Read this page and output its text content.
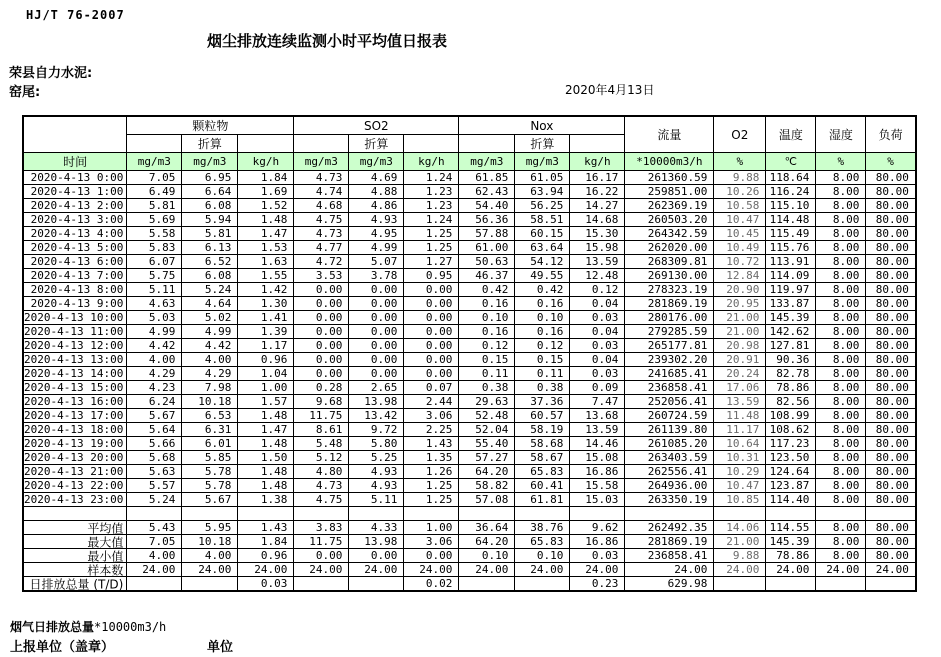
HJ/T 76-2007
烟尘排放连续监测小时平均值日报表
荣县自力水泥:
窑尾:	2020年4月13日
	颗粒物			SO2			Nox			流量	O2	温度	湿度	负荷
		折算			折算			折算						
时间	mg/m3	mg/m3	kg/h	mg/m3	mg/m3	kg/h	mg/m3	mg/m3	kg/h	*10000m3/h	%	℃	%	%
2020-4-13 0:00	7.05	6.95	1.84	4.73	4.69	1.24	61.85	61.05	16.17	261360.59	9.88	118.64	8.00	80.00
2020-4-13 1:00	6.49	6.64	1.69	4.74	4.88	1.23	62.43	63.94	16.22	259851.00	10.26	116.24	8.00	80.00
2020-4-13 2:00	5.81	6.08	1.52	4.68	4.86	1.23	54.40	56.25	14.27	262369.19	10.58	115.10	8.00	80.00
2020-4-13 3:00	5.69	5.94	1.48	4.75	4.93	1.24	56.36	58.51	14.68	260503.20	10.47	114.48	8.00	80.00
2020-4-13 4:00	5.58	5.81	1.47	4.73	4.95	1.25	57.88	60.15	15.30	264342.59	10.45	115.49	8.00	80.00
2020-4-13 5:00	5.83	6.13	1.53	4.77	4.99	1.25	61.00	63.64	15.98	262020.00	10.49	115.76	8.00	80.00
2020-4-13 6:00	6.07	6.52	1.63	4.72	5.07	1.27	50.63	54.12	13.59	268309.81	10.72	113.91	8.00	80.00
2020-4-13 7:00	5.75	6.08	1.55	3.53	3.78	0.95	46.37	49.55	12.48	269130.00	12.84	114.09	8.00	80.00
2020-4-13 8:00	5.11	5.24	1.42	0.00	0.00	0.00	0.42	0.42	0.12	278323.19	20.90	119.97	8.00	80.00
2020-4-13 9:00	4.63	4.64	1.30	0.00	0.00	0.00	0.16	0.16	0.04	281869.19	20.95	133.87	8.00	80.00
2020-4-13 10:00	5.03	5.02	1.41	0.00	0.00	0.00	0.10	0.10	0.03	280176.00	21.00	145.39	8.00	80.00
2020-4-13 11:00	4.99	4.99	1.39	0.00	0.00	0.00	0.16	0.16	0.04	279285.59	21.00	142.62	8.00	80.00
2020-4-13 12:00	4.42	4.42	1.17	0.00	0.00	0.00	0.12	0.12	0.03	265177.81	20.98	127.81	8.00	80.00
2020-4-13 13:00	4.00	4.00	0.96	0.00	0.00	0.00	0.15	0.15	0.04	239302.20	20.91	90.36	8.00	80.00
2020-4-13 14:00	4.29	4.29	1.04	0.00	0.00	0.00	0.11	0.11	0.03	241685.41	20.24	82.78	8.00	80.00
2020-4-13 15:00	4.23	7.98	1.00	0.28	2.65	0.07	0.38	0.38	0.09	236858.41	17.06	78.86	8.00	80.00
2020-4-13 16:00	6.24	10.18	1.57	9.68	13.98	2.44	29.63	37.36	7.47	252056.41	13.59	82.56	8.00	80.00
2020-4-13 17:00	5.67	6.53	1.48	11.75	13.42	3.06	52.48	60.57	13.68	260724.59	11.48	108.99	8.00	80.00
2020-4-13 18:00	5.64	6.31	1.47	8.61	9.72	2.25	52.04	58.19	13.59	261139.80	11.17	108.62	8.00	80.00
2020-4-13 19:00	5.66	6.01	1.48	5.48	5.80	1.43	55.40	58.68	14.46	261085.20	10.64	117.23	8.00	80.00
2020-4-13 20:00	5.68	5.85	1.50	5.12	5.25	1.35	57.27	58.67	15.08	263403.59	10.31	123.50	8.00	80.00
2020-4-13 21:00	5.63	5.78	1.48	4.80	4.93	1.26	64.20	65.83	16.86	262556.41	10.29	124.64	8.00	80.00
2020-4-13 22:00	5.57	5.78	1.48	4.73	4.93	1.25	58.82	60.41	15.58	264936.00	10.47	123.87	8.00	80.00
2020-4-13 23:00	5.24	5.67	1.38	4.75	5.11	1.25	57.08	61.81	15.03	263350.19	10.85	114.40	8.00	80.00

平均值	5.43	5.95	1.43	3.83	4.33	1.00	36.64	38.76	9.62	262492.35	14.06	114.55	8.00	80.00

最大值	7.05	10.18	1.84	11.75	13.98	3.06	64.20	65.83	16.86	281869.19	21.00	145.39	8.00	80.00

最小值	4.00	4.00	0.96	0.00	0.00	0.00	0.10	0.10	0.03	236858.41	9.88	78.86	8.00	80.00

样本数	24.00	24.00	24.00	24.00	24.00	24.00	24.00	24.00	24.00	24.00	24.00	24.00	24.00	24.00

日排放总量 (T/D)			0.03			0.02			0.23	629.98				
烟气日排放总量*10000m3/h
上报单位（盖章）	单位
